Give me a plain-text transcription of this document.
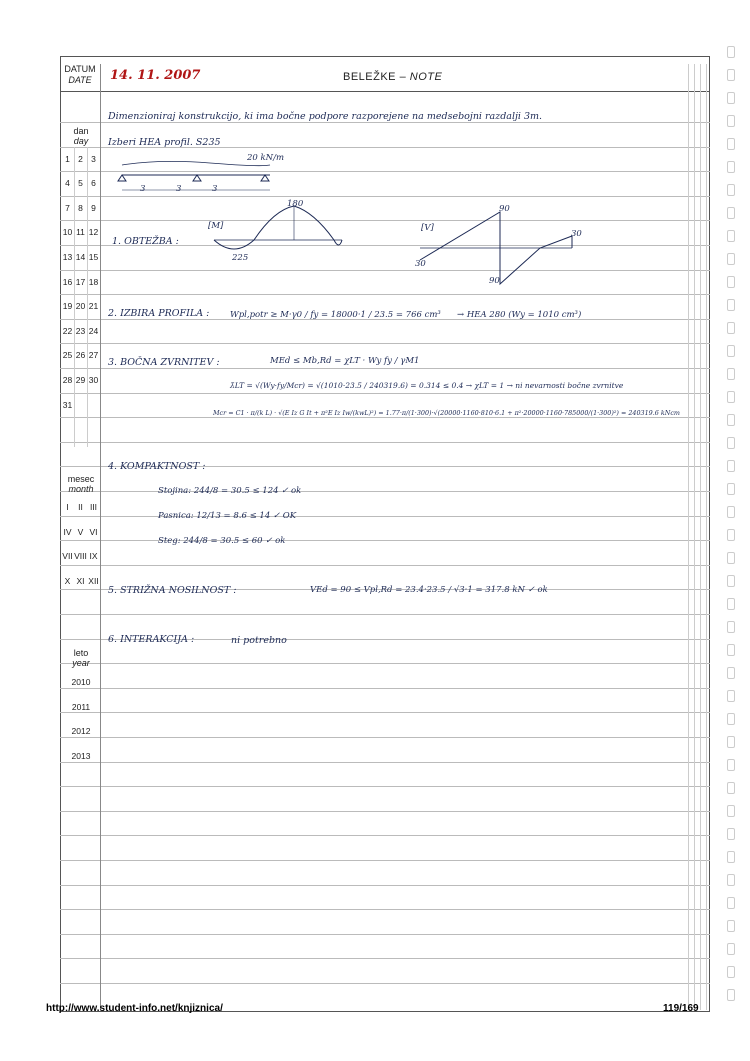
DATUM
DATE	14. 11. 2007	BELEŽKE – NOTE
dan
day
1 2 3
4 5 6
7 8 9
10 11 12
13 14 15
16 17 18
19 20 21
22 23 24
25 26 27
28 29 30
31
mesec
month
I	II III
IV V VI
VII VIII IX
X XI XII
leto
year
2010
2011
2012
2013
Dimenzioniraj konstrukcijo, ki ima bočne podpore razporejene na medsebojni razdalji 3m.
Izberi HEA profil. S235
20 kN/m
3	3	3
1. OBTEŽBA :
[M]
180
225
[V]
90
30
30
90
2. IZBIRA PROFILA : Wpl,potr ≥ M·γ0 / fy = 18000·1 / 23.5 = 766 cm³ → HEA 280 (Wy = 1010 cm³)
3. BOČNA ZVRNITEV :	MEd ≤ Mb,Rd = χLT · Wy fy / γM1
λ̄LT = √(Wy·fy/Mcr) = √(1010·23.5 / 240319.6) = 0.314 ≤ 0.4 → χLT = 1 → ni nevarnosti bočne zvrnitve
Mcr = C1 · π/(k L) · √(E Iz G It + π²E Iz Iw/(kwL)²) = 1.77·π/(1·300)·√(20000·1160·810·6.1 + π²·20000·1160·785000/(1·300)²) = 240319.6 kNcm
4. KOMPAKTNOST :
Stojina: 244/8 = 30.5 ≤ 124 ✓ ok
Pasnica: 12/13 = 8.6 ≤ 14 ✓ OK
Steg: 244/8 = 30.5 ≤ 60 ✓ ok
5. STRIŽNA NOSILNOST :	VEd = 90 ≤ Vpl,Rd = 23.4·23.5 / √3·1 = 317.8 kN ✓ ok
6. INTERAKCIJA :	ni potrebno
http://www.student-info.net/knjiznica/	119/169
